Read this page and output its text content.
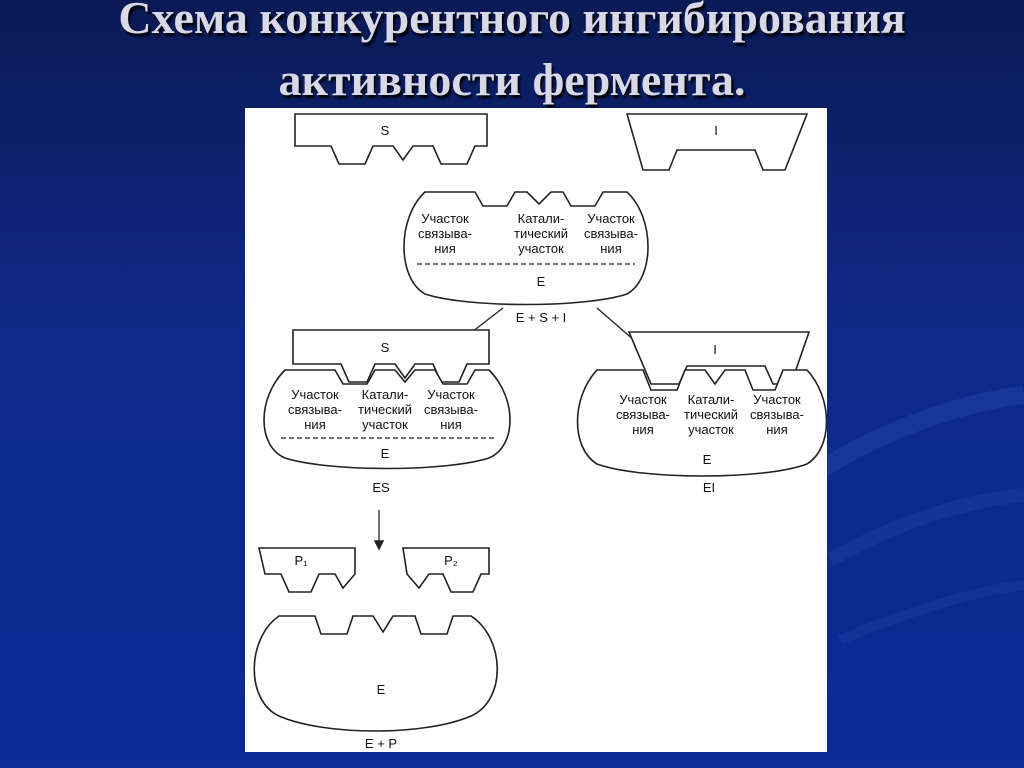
Схема конкурентного ингибирования
активности фермента.
S	I
Участок
связыва-
ния
Катали-
тический
участок
Участок
связыва-
ния
E
E + S + I
S
Участок
связыва-
ния
Катали-
тический
участок
Участок
связыва-
ния
E
ES
I
Участок
связыва-
ния
Катали-
тический
участок
Участок
связыва-
ния
E
EI
P₁	P₂
E
E + P
